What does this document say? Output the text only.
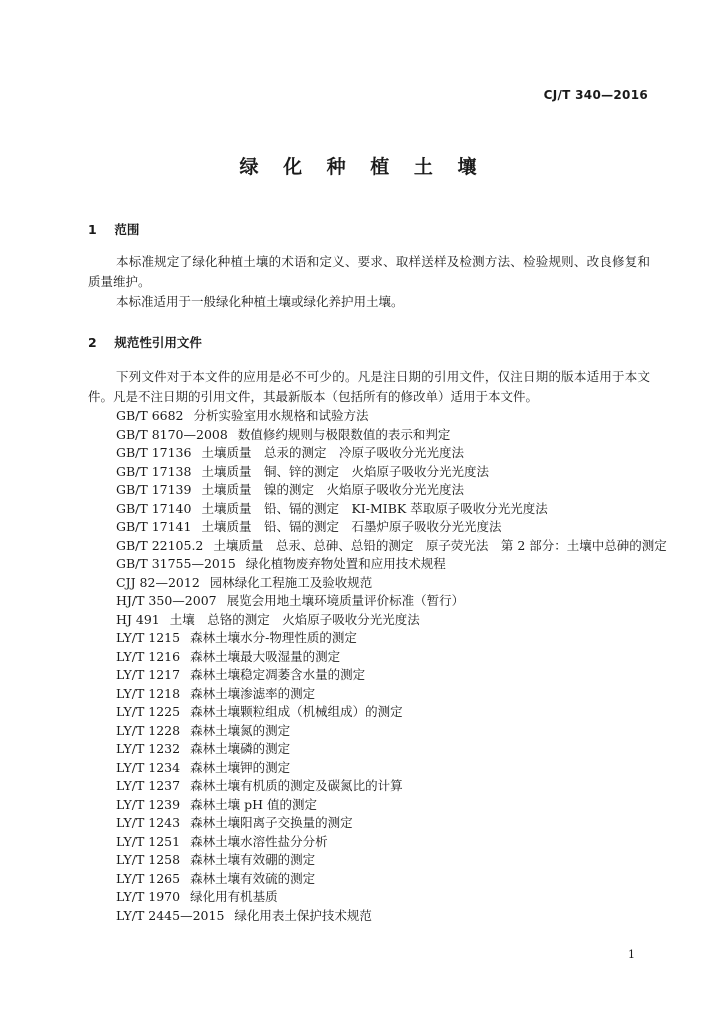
CJ/T 340—2016
绿 化 种 植 土 壤
1 范围
本标准规定了绿化种植土壤的术语和定义、要求、取样送样及检测方法、检验规则、改良修复和质量维护。
本标准适用于一般绿化种植土壤或绿化养护用土壤。
2 规范性引用文件
下列文件对于本文件的应用是必不可少的。凡是注日期的引用文件，仅注日期的版本适用于本文件。凡是不注日期的引用文件，其最新版本（包括所有的修改单）适用于本文件。
GB/T 6682 分析实验室用水规格和试验方法
GB/T 8170—2008 数值修约规则与极限数值的表示和判定
GB/T 17136 土壤质量　总汞的测定　冷原子吸收分光光度法
GB/T 17138 土壤质量　铜、锌的测定　火焰原子吸收分光光度法
GB/T 17139 土壤质量　镍的测定　火焰原子吸收分光光度法
GB/T 17140 土壤质量　铅、镉的测定　KI-MIBK 萃取原子吸收分光光度法
GB/T 17141 土壤质量　铅、镉的测定　石墨炉原子吸收分光光度法
GB/T 22105.2 土壤质量　总汞、总砷、总铅的测定　原子荧光法　第 2 部分：土壤中总砷的测定
GB/T 31755—2015 绿化植物废弃物处置和应用技术规程
CJJ 82—2012 园林绿化工程施工及验收规范
HJ/T 350—2007 展览会用地土壤环境质量评价标准（暂行）
HJ 491 土壤　总铬的测定　火焰原子吸收分光光度法
LY/T 1215 森林土壤水分-物理性质的测定
LY/T 1216 森林土壤最大吸湿量的测定
LY/T 1217 森林土壤稳定凋萎含水量的测定
LY/T 1218 森林土壤渗滤率的测定
LY/T 1225 森林土壤颗粒组成（机械组成）的测定
LY/T 1228 森林土壤氮的测定
LY/T 1232 森林土壤磷的测定
LY/T 1234 森林土壤钾的测定
LY/T 1237 森林土壤有机质的测定及碳氮比的计算
LY/T 1239 森林土壤 pH 值的测定
LY/T 1243 森林土壤阳离子交换量的测定
LY/T 1251 森林土壤水溶性盐分分析
LY/T 1258 森林土壤有效硼的测定
LY/T 1265 森林土壤有效硫的测定
LY/T 1970 绿化用有机基质
LY/T 2445—2015 绿化用表土保护技术规范
1
